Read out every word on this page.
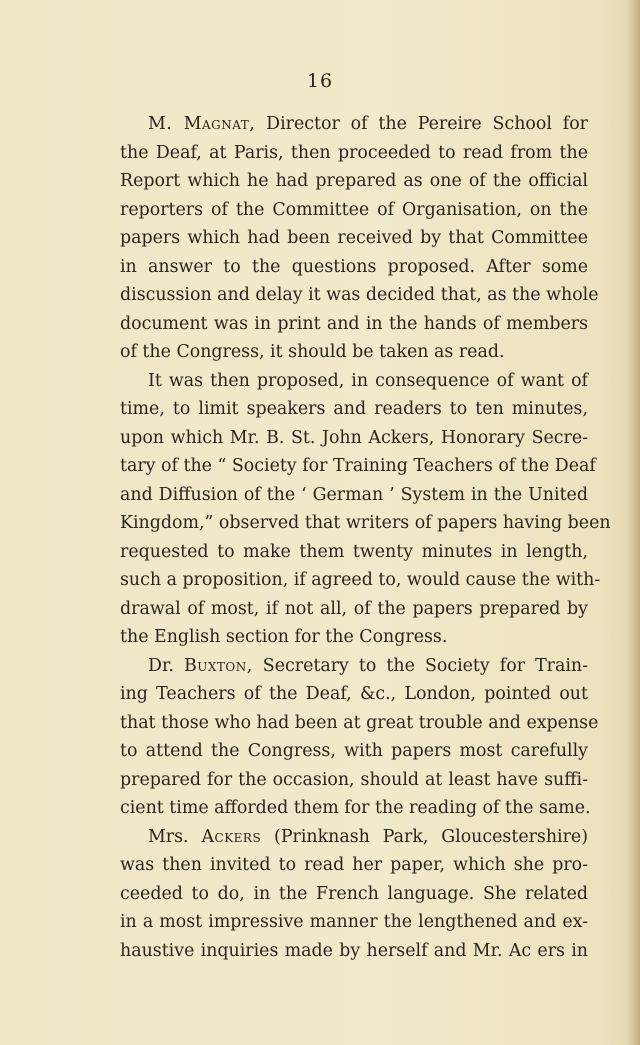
16

M. Magnat, Director of the Pereire School for
the Deaf, at Paris, then proceeded to read from the
Report which he had prepared as one of the official
reporters of the Committee of Organisation, on the
papers which had been received by that Committee
in answer to the questions proposed. After some
discussion and delay it was decided that, as the whole
document was in print and in the hands of members
of the Congress, it should be taken as read.

It was then proposed, in consequence of want of
time, to limit speakers and readers to ten minutes,
upon which Mr. B. St. John Ackers, Honorary Secre-
tary of the “ Society for Training Teachers of the Deaf
and Diffusion of the ‘ German ’ System in the United
Kingdom,” observed that writers of papers having been
requested to make them twenty minutes in length,
such a proposition, if agreed to, would cause the with-
drawal of most, if not all, of the papers prepared by
the English section for the Congress.

Dr. Buxton, Secretary to the Society for Train-
ing Teachers of the Deaf, &c., London, pointed out
that those who had been at great trouble and expense
to attend the Congress, with papers most carefully
prepared for the occasion, should at least have suffi-
cient time afforded them for the reading of the same.

Mrs. Ackers (Prinknash Park, Gloucestershire)
was then invited to read her paper, which she pro-
ceeded to do, in the French language. She related
in a most impressive manner the lengthened and ex-
haustive inquiries made by herself and Mr. Ac ers in
